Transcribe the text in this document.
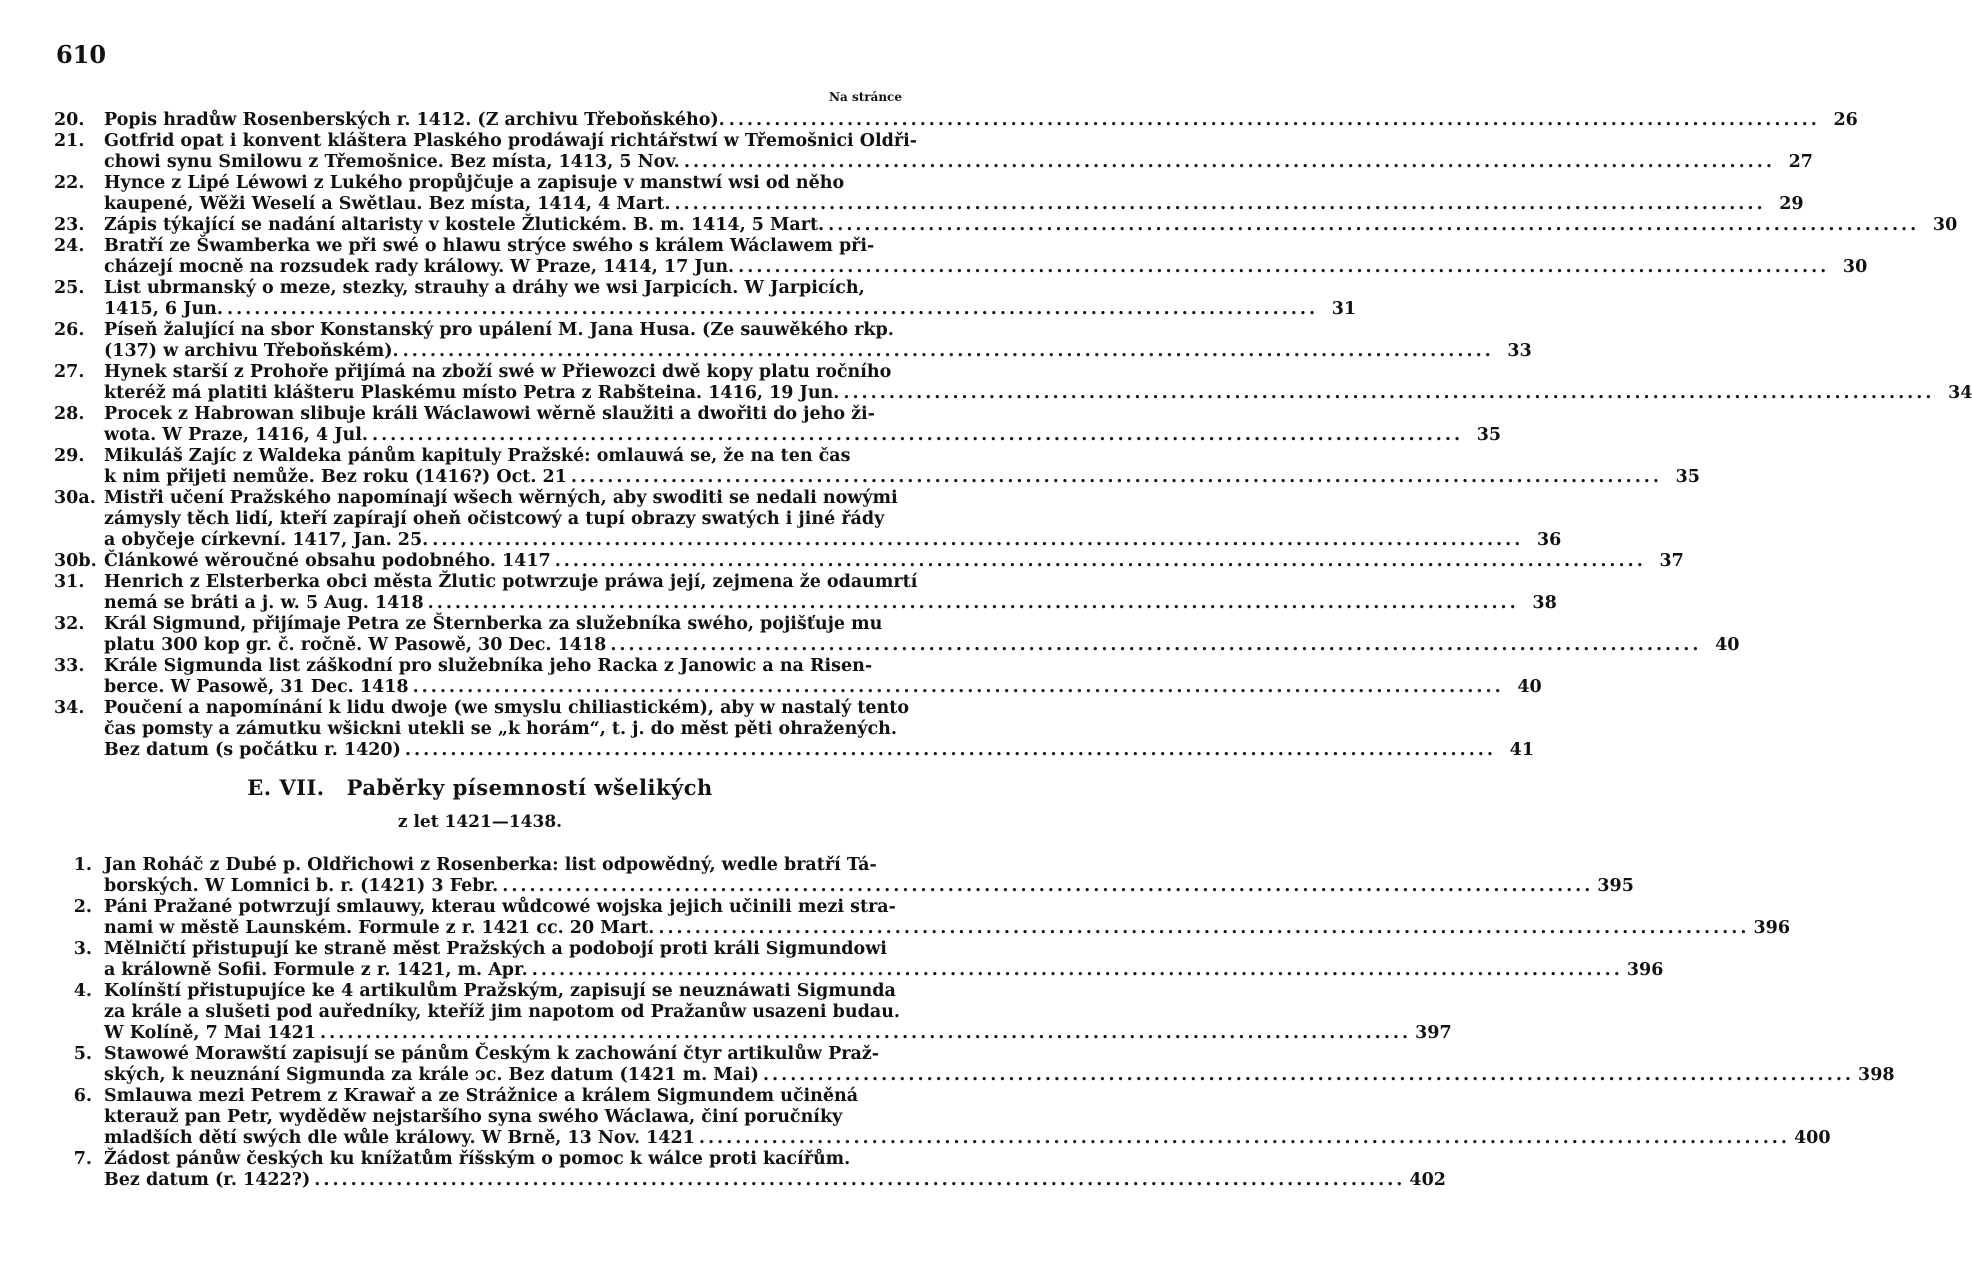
610
Na stránce
20.	Popis hradůw Rosenberských r. 1412. (Z archivu Třeboňského). ........................................................................................................................ 26
21.	Gotfrid opat i konvent kláštera Plaského prodáwají richtářstwí w Třemošnici Oldři-
chowi synu Smilowu z Třemošnice. Bez místa, 1413, 5 Nov. ........................................................................................................................ 27
22.	Hynce z Lipé Léwowi z Lukého propůjčuje a zapisuje v manstwí wsi od něho
kaupené, Wěži Weselí a Swětlau. Bez místa, 1414, 4 Mart. ........................................................................................................................ 29
23.	Zápis týkající se nadání altaristy v kostele Žlutickém. B. m. 1414, 5 Mart. ........................................................................................................................ 30
24.	Bratří ze Šwamberka we při swé o hlawu strýce swého s králem Wáclawem při-
cházejí mocně na rozsudek rady králowy. W Praze, 1414, 17 Jun. ........................................................................................................................ 30
25.	List ubrmanský o meze, stezky, strauhy a dráhy we wsi Jarpicích. W Jarpicích,
1415, 6 Jun. ........................................................................................................................ 31
26.	Píseň žalující na sbor Konstanský pro upálení M. Jana Husa. (Ze sauwěkého rkp.
(137) w archivu Třeboňském). ........................................................................................................................ 33
27.	Hynek starší z Prohoře přijímá na zboží swé w Přiewozci dwě kopy platu ročního
kteréž má platiti klášteru Plaskému místo Petra z Rabšteina. 1416, 19 Jun. ........................................................................................................................ 34
28.	Procek z Habrowan slibuje králi Wáclawowi wěrně slaužiti a dwořiti do jeho ži-
wota. W Praze, 1416, 4 Jul. ........................................................................................................................ 35
29.	Mikuláš Zajíc z Waldeka pánům kapituly Pražské: omlauwá se, že na ten čas
k nim přijeti nemůže. Bez roku (1416?) Oct. 21 ........................................................................................................................ 35
30a. Mistři učení Pražského napomínají wšech wěrných, aby swoditi se nedali nowými
zámysly těch lidí, kteří zapírají oheň očistcowý a tupí obrazy swatých i jiné řády
a obyčeje církevní. 1417, Jan. 25. ........................................................................................................................ 36
30b. Článkowé wěroučné obsahu podobného. 1417 ........................................................................................................................ 37
31.	Henrich z Elsterberka obci města Žlutic potwrzuje práwa její, zejmena že odaumrtí
nemá se bráti a j. w. 5 Aug. 1418 ........................................................................................................................ 38
32.	Král Sigmund, přijímaje Petra ze Šternberka za služebníka swého, pojišťuje mu
platu 300 kop gr. č. ročně. W Pasowě, 30 Dec. 1418 ........................................................................................................................ 40
33.	Krále Sigmunda list záškodní pro služebníka jeho Racka z Janowic a na Risen-
berce. W Pasowě, 31 Dec. 1418 ........................................................................................................................ 40
34.	Poučení a napomínání k lidu dwoje (we smyslu chiliastickém), aby w nastalý tento
čas pomsty a zámutku wšickni utekli se „k horám“, t. j. do měst pěti ohražených.
Bez datum (s počátku r. 1420) ........................................................................................................................ 41
E. VII. Paběrky písemností wšelikých
z let 1421—1438.
1. Jan Roháč z Dubé p. Oldřichowi z Rosenberka: list odpowědný, wedle bratří Tá-
borských. W Lomnici b. r. (1421) 3 Febr. ........................................................................................................................ 395
2. Páni Pražané potwrzují smlauwy, kterau wůdcowé wojska jejich učinili mezi stra-
nami w městě Launském. Formule z r. 1421 cc. 20 Mart. ........................................................................................................................ 396
3. Mělničtí přistupují ke straně měst Pražských a podobojí proti králi Sigmundowi
a králowně Sofii. Formule z r. 1421, m. Apr. ........................................................................................................................ 396
4. Kolínští přistupujíce ke 4 artikulům Pražským, zapisují se neuznáwati Sigmunda
za krále a slušeti pod auředníky, kteříž jim napotom od Pražanůw usazeni budau.
W Kolíně, 7 Mai 1421 ........................................................................................................................ 397
5. Stawowé Morawští zapisují se pánům Českým k zachowání čtyr artikulůw Praž-
ských, k neuznání Sigmunda za krále ɔc. Bez datum (1421 m. Mai) ........................................................................................................................ 398
6. Smlauwa mezi Petrem z Krawař a ze Strážnice a králem Sigmundem učiněná
kterauž pan Petr, wyděděw nejstaršího syna swého Wáclawa, činí poručníky
mladších dětí swých dle wůle králowy. W Brně, 13 Nov. 1421 ........................................................................................................................ 400
7. Žádost pánůw českých ku knížatům říšským o pomoc k wálce proti kacířům.
Bez datum (r. 1422?) ........................................................................................................................ 402
